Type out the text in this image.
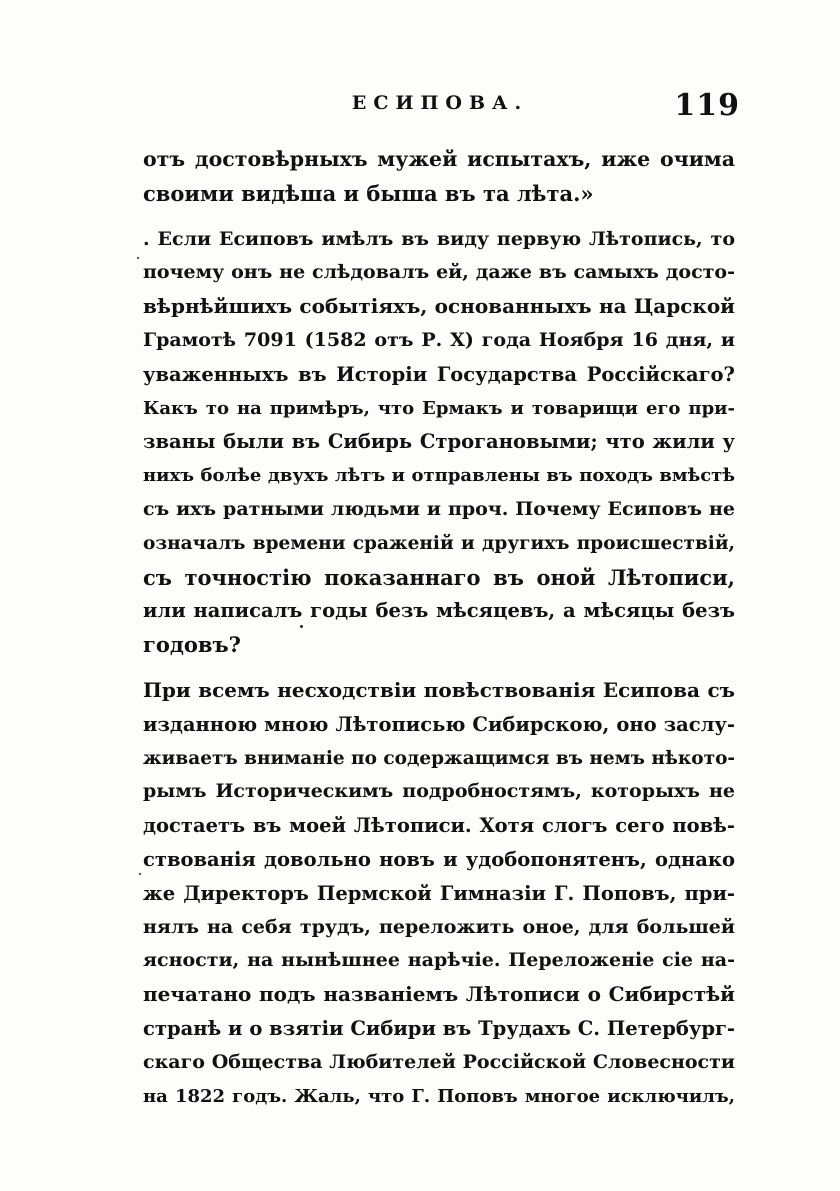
ЕСИПОВА.	119
отъ достовѣрныхъ мужей испытахъ, иже очима
своими видѣша и быша въ та лѣта.»
. Если Есиповъ имѣлъ въ виду первую Лѣтопись, то
почему онъ не слѣдовалъ ей, даже въ самыхъ досто-
вѣрнѣйшихъ событіяхъ, основанныхъ на Царской
Грамотѣ 7091 (1582 отъ Р. Х) года Ноября 16 дня, и
уваженныхъ въ Исторіи Государства Россійскаго?
Какъ то на примѣръ, что Ермакъ и товарищи его при-
званы были въ Сибирь Строгановыми; что жили у
нихъ болѣе двухъ лѣтъ и отправлены въ походъ вмѣстѣ
съ ихъ ратными людьми и проч. Почему Есиповъ не
означалъ времени сраженій и другихъ происшествій,
съ точностію показаннаго въ оной Лѣтописи,
или написалъ годы безъ мѣсяцевъ, а мѣсяцы безъ
годовъ?
При всемъ несходствіи повѣствованія Есипова съ
изданною мною Лѣтописью Сибирскою, оно заслу-
живаетъ вниманіе по содержащимся въ немъ нѣкото-
рымъ Историческимъ подробностямъ, которыхъ не
достаетъ въ моей Лѣтописи. Хотя слогъ сего повѣ-
ствованія довольно новъ и удобопонятенъ, однако
же Директоръ Пермской Гимназіи Г. Поповъ, при-
нялъ на себя трудъ, переложить оное, для большей
ясности, на нынѣшнее нарѣчіе. Переложеніе сіе на-
печатано подъ названіемъ Лѣтописи о Сибирстѣй
странѣ и о взятіи Сибири въ Трудахъ С. Петербург-
скаго Общества Любителей Россійской Словесности
на 1822 годъ. Жаль, что Г. Поповъ многое исключилъ,
